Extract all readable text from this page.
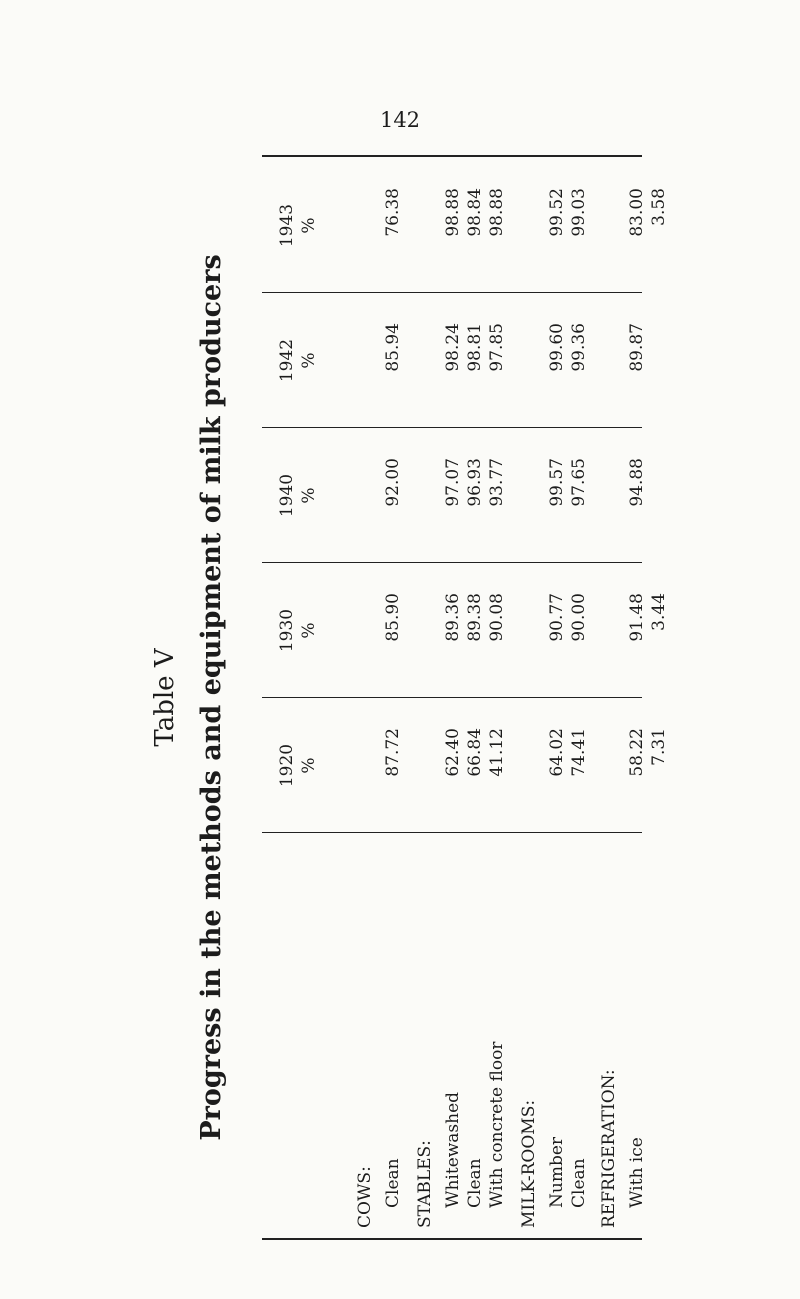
142
Table V Progress in the methods and equipment of milk producers	1920 %
1930 %
1940 %
1942 %
1943 %
COWS: Clean STABLES: Whitewashed Clean With concrete floor MILK-ROOMS: Number Clean REFRIGERATION: With ice
87.72
85.90
92.00
85.94
76.38
62.40
89.36
97.07
98.24
98.88
66.84
89.38
96.93
98.81
98.84
41.12
90.08
93.77
97.85
98.88
64.02
90.77
99.57
99.60
99.52
74.41
90.00
97.65
99.36
99.03
58.22
91.48
94.88
89.87
83.00
7.31
3.44
3.58
